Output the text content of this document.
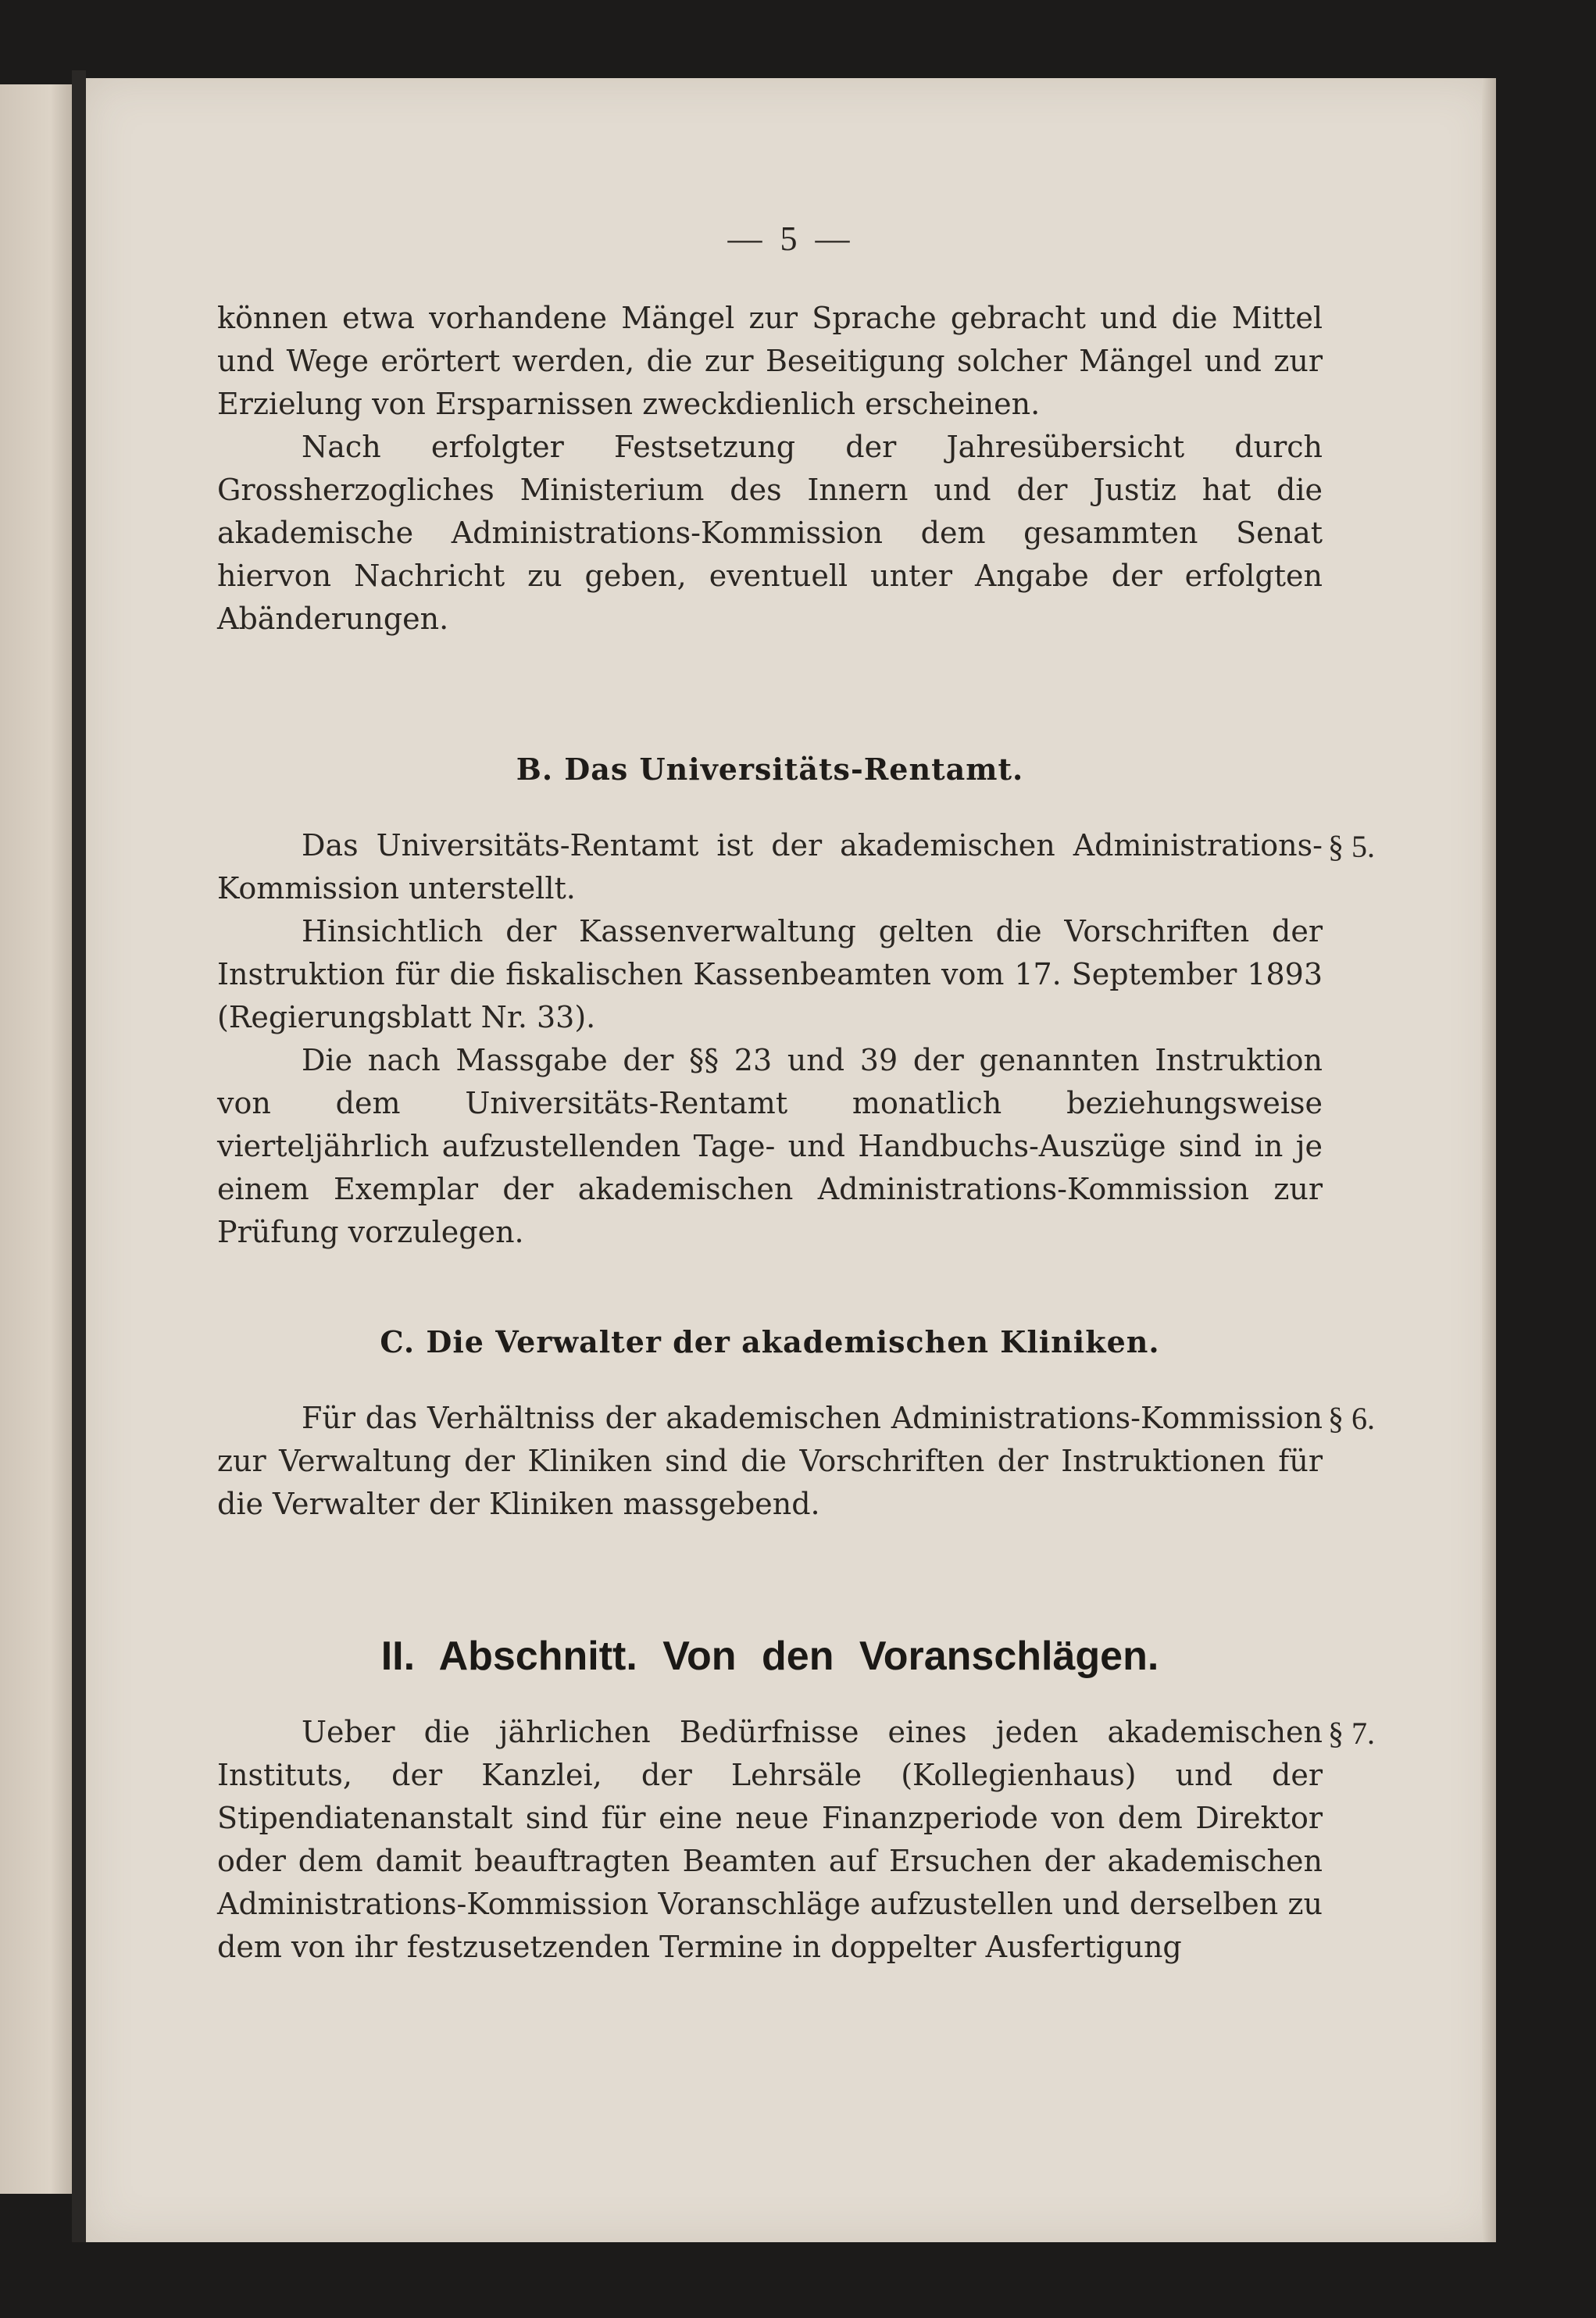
— 5 —

können etwa vorhandene Mängel zur Sprache gebracht und die Mittel und Wege erörtert werden, die zur Beseitigung solcher Mängel und zur Erzielung von Ersparnissen zweckdienlich erscheinen.

Nach erfolgter Festsetzung der Jahresübersicht durch Grossherzogliches Ministerium des Innern und der Justiz hat die akademische Administrations-Kommission dem gesammten Senat hiervon Nachricht zu geben, eventuell unter Angabe der erfolgten Abänderungen.

B. Das Universitäts-Rentamt.
§ 5.

Das Universitäts-Rentamt ist der akademischen Administrations-Kommission unterstellt.

Hinsichtlich der Kassenverwaltung gelten die Vorschriften der Instruktion für die fiskalischen Kassenbeamten vom 17. September 1893 (Regierungsblatt Nr. 33).

Die nach Massgabe der §§ 23 und 39 der genannten Instruktion von dem Universitäts-Rentamt monatlich beziehungsweise vierteljährlich aufzustellenden Tage- und Handbuchs-Auszüge sind in je einem Exemplar der akademischen Administrations-Kommission zur Prüfung vorzulegen.

C. Die Verwalter der akademischen Kliniken.
§ 6.

Für das Verhältniss der akademischen Administrations-Kommission zur Verwaltung der Kliniken sind die Vorschriften der Instruktionen für die Verwalter der Kliniken massgebend.

II. Abschnitt. Von den Voranschlägen.
§ 7.

Ueber die jährlichen Bedürfnisse eines jeden akademischen Instituts, der Kanzlei, der Lehrsäle (Kollegienhaus) und der Stipendiatenanstalt sind für eine neue Finanzperiode von dem Direktor oder dem damit beauftragten Beamten auf Ersuchen der akademischen Administrations-Kommission Voranschläge aufzustellen und derselben zu dem von ihr festzusetzenden Termine in doppelter Ausfertigung
